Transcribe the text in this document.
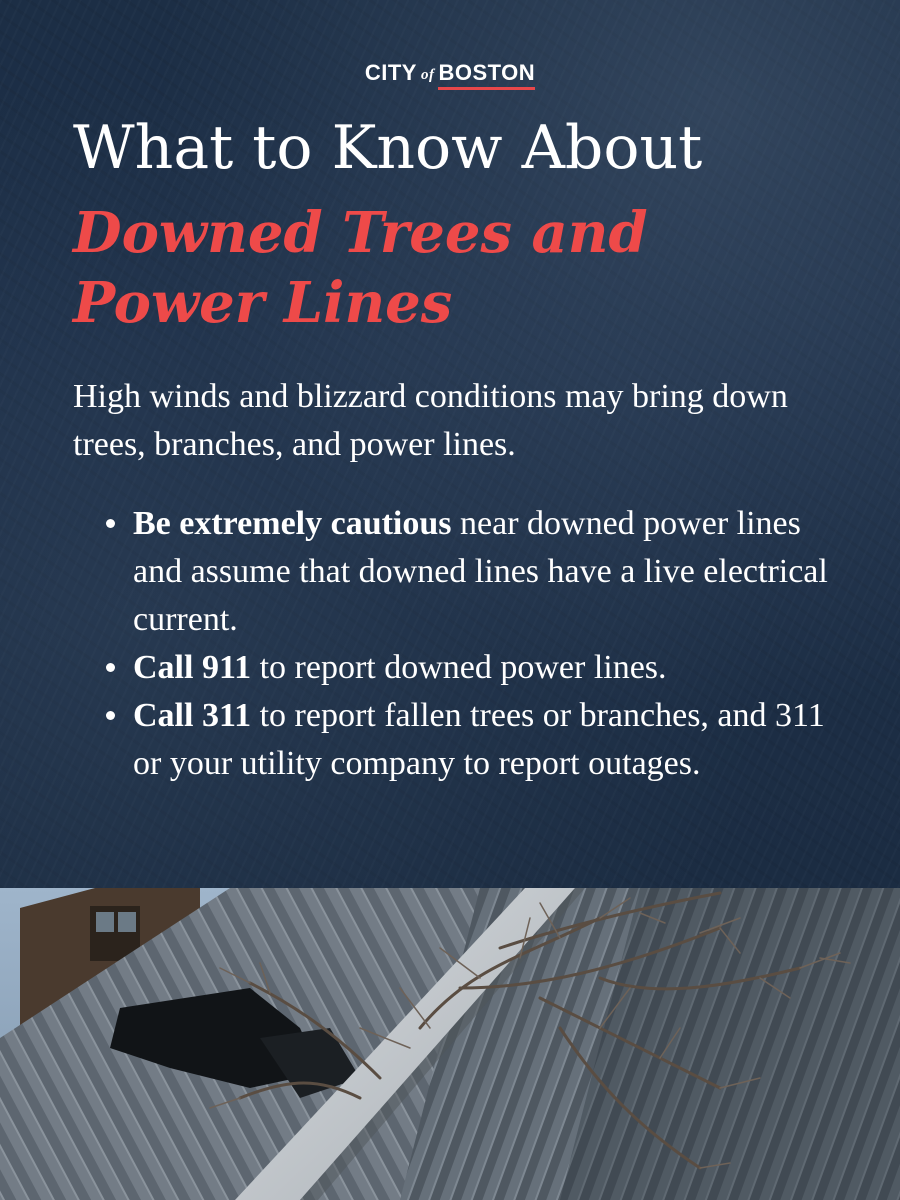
CITY of BOSTON
What to Know About
Downed Trees and Power Lines

High winds and blizzard conditions may bring down trees, branches, and power lines.

Be extremely cautious near downed power lines and assume that downed lines have a live electrical current.
Call 911 to report downed power lines.
Call 311 to report fallen trees or branches, and 311 or your utility company to report outages.
